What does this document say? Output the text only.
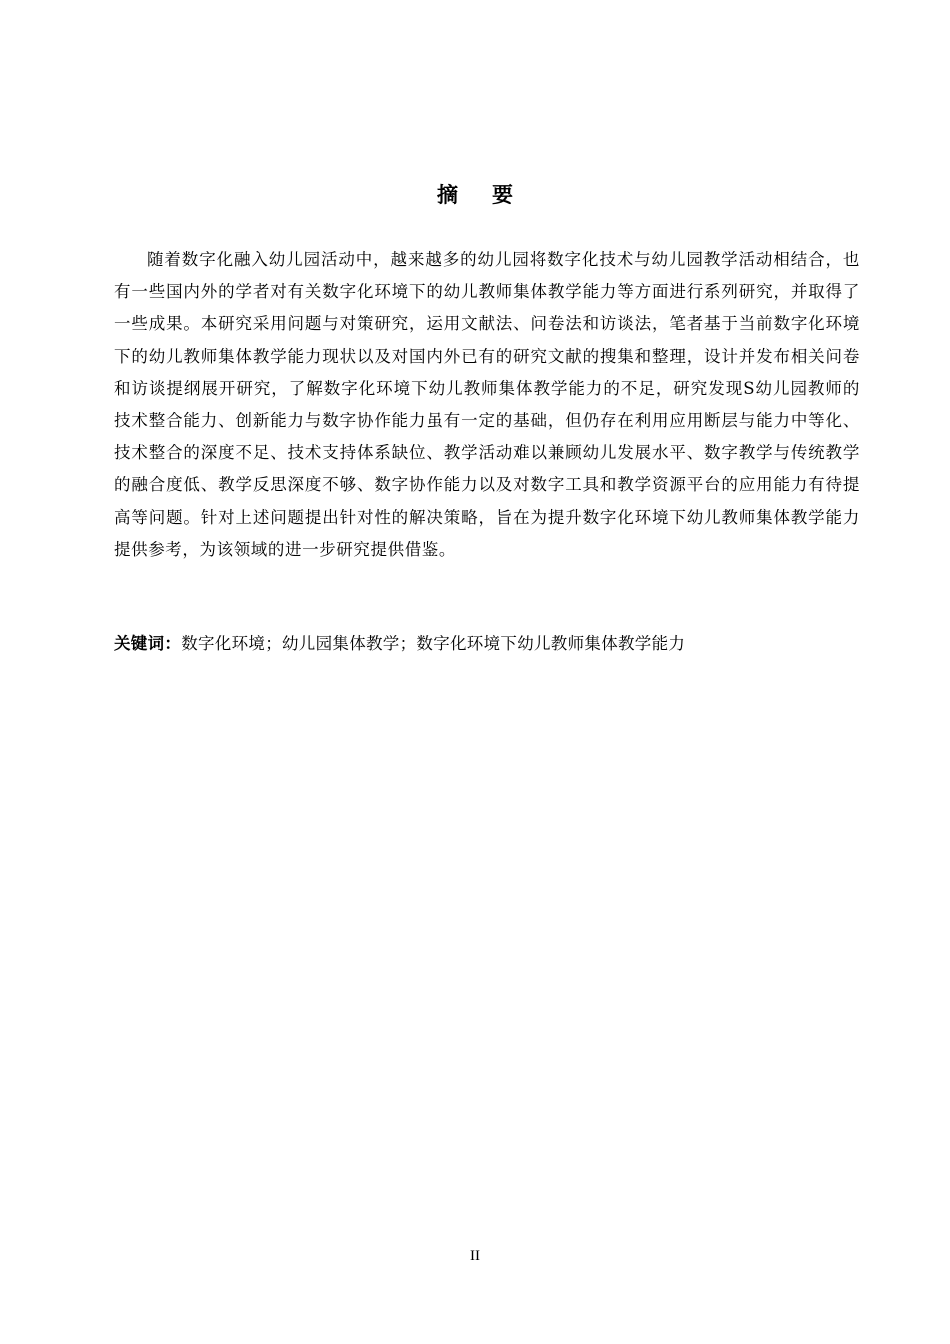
摘 要

随着数字化融入幼儿园活动中，越来越多的幼儿园将数字化技术与幼儿园教学活动相结合，也有一些国内外的学者对有关数字化环境下的幼儿教师集体教学能力等方面进行系列研究，并取得了一些成果。本研究采用问题与对策研究，运用文献法、问卷法和访谈法，笔者基于当前数字化环境下的幼儿教师集体教学能力现状以及对国内外已有的研究文献的搜集和整理，设计并发布相关问卷和访谈提纲展开研究，了解数字化环境下幼儿教师集体教学能力的不足，研究发现S幼儿园教师的技术整合能力、创新能力与数字协作能力虽有一定的基础，但仍存在利用应用断层与能力中等化、技术整合的深度不足、技术支持体系缺位、教学活动难以兼顾幼儿发展水平、数字教学与传统教学的融合度低、教学反思深度不够、数字协作能力以及对数字工具和教学资源平台的应用能力有待提高等问题。针对上述问题提出针对性的解决策略，旨在为提升数字化环境下幼儿教师集体教学能力提供参考，为该领域的进一步研究提供借鉴。

关键词：数字化环境；幼儿园集体教学；数字化环境下幼儿教师集体教学能力

II
